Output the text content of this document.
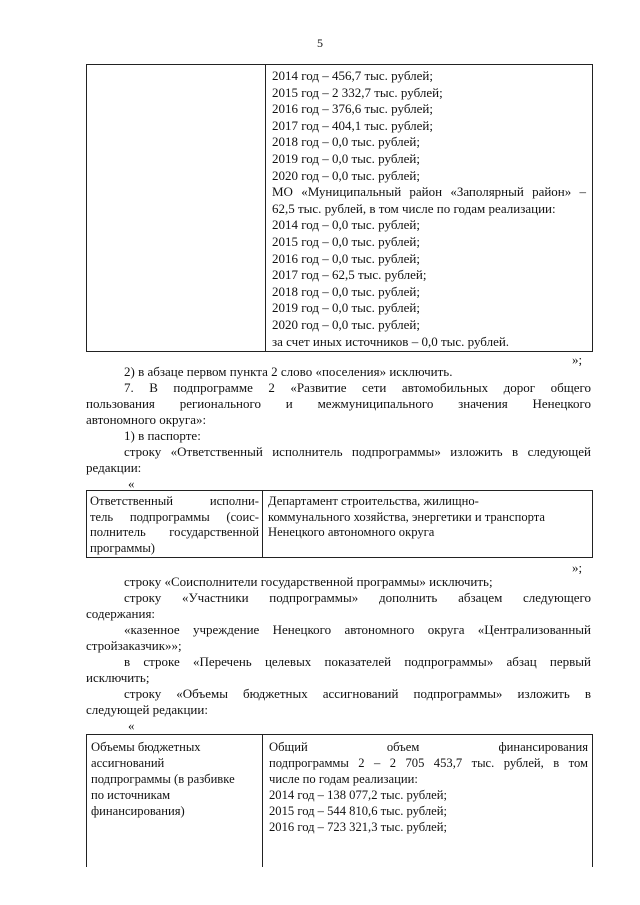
5
2014 год – 456,7 тыс. рублей;
2015 год – 2 332,7 тыс. рублей;
2016 год – 376,6 тыс. рублей;
2017 год – 404,1 тыс. рублей;
2018 год – 0,0 тыс. рублей;
2019 год – 0,0 тыс. рублей;
2020 год – 0,0 тыс. рублей;
МО «Муниципальный район «Заполярный район» –
62,5 тыс. рублей, в том числе по годам реализации:
2014 год – 0,0 тыс. рублей;
2015 год – 0,0 тыс. рублей;
2016 год – 0,0 тыс. рублей;
2017 год – 62,5 тыс. рублей;
2018 год – 0,0 тыс. рублей;
2019 год – 0,0 тыс. рублей;
2020 год – 0,0 тыс. рублей;
за счет иных источников – 0,0 тыс. рублей.
»;
2) в абзаце первом пункта 2 слово «поселения» исключить.
7. В подпрограмме 2 «Развитие сети автомобильных дорог общего
пользования регионального и межмуниципального значения Ненецкого
автономного округа»:
1) в паспорте:
строку «Ответственный исполнитель подпрограммы» изложить в следующей
редакции:
«
Ответственный исполни-
тель подпрограммы (соис-
полнитель государственной
программы)
Департамент строительства, жилищно-
коммунального хозяйства, энергетики и транспорта
Ненецкого автономного округа
»;
строку «Соисполнители государственной программы» исключить;
строку «Участники подпрограммы» дополнить абзацем следующего
содержания:
«казенное учреждение Ненецкого автономного округа «Централизованный
стройзаказчик»»;
в строке «Перечень целевых показателей подпрограммы» абзац первый
исключить;
строку «Объемы бюджетных ассигнований подпрограммы» изложить в
следующей редакции:
«
Объемы бюджетных
ассигнований
подпрограммы (в разбивке
по источникам
финансирования)
Общий объем финансирования
подпрограммы 2 – 2 705 453,7 тыс. рублей, в том
числе по годам реализации:
2014 год – 138 077,2 тыс. рублей;
2015 год – 544 810,6 тыс. рублей;
2016 год – 723 321,3 тыс. рублей;
